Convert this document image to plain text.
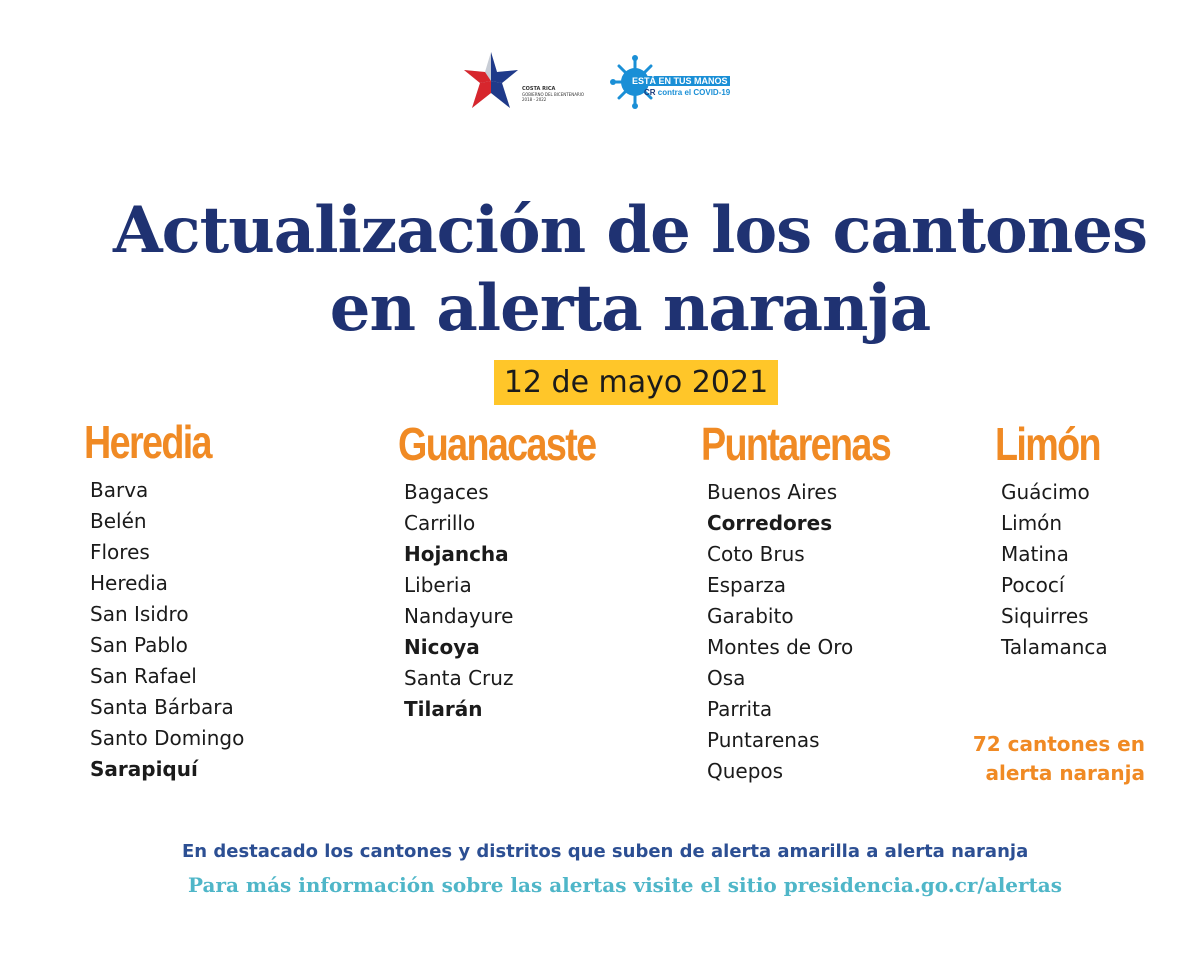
COSTA RICA
GOBIERNO DEL BICENTENARIO
2018 - 2022
ESTÁ EN TUS MANOS
CR contra el COVID-19
Actualización de los cantones
en alerta naranja
12 de mayo 2021
Heredia
Barva
Belén
Flores
Heredia
San Isidro
San Pablo
San Rafael
Santa Bárbara
Santo Domingo
Sarapiquí
Guanacaste
Bagaces
Carrillo
Hojancha
Liberia
Nandayure
Nicoya
Santa Cruz
Tilarán
Puntarenas
Buenos Aires
Corredores
Coto Brus
Esparza
Garabito
Montes de Oro
Osa
Parrita
Puntarenas
Quepos
Limón
Guácimo
Limón
Matina
Pococí
Siquirres
Talamanca
72 cantones en
alerta naranja
En destacado los cantones y distritos que suben de alerta amarilla a alerta naranja
Para más información sobre las alertas visite el sitio presidencia.go.cr/alertas
